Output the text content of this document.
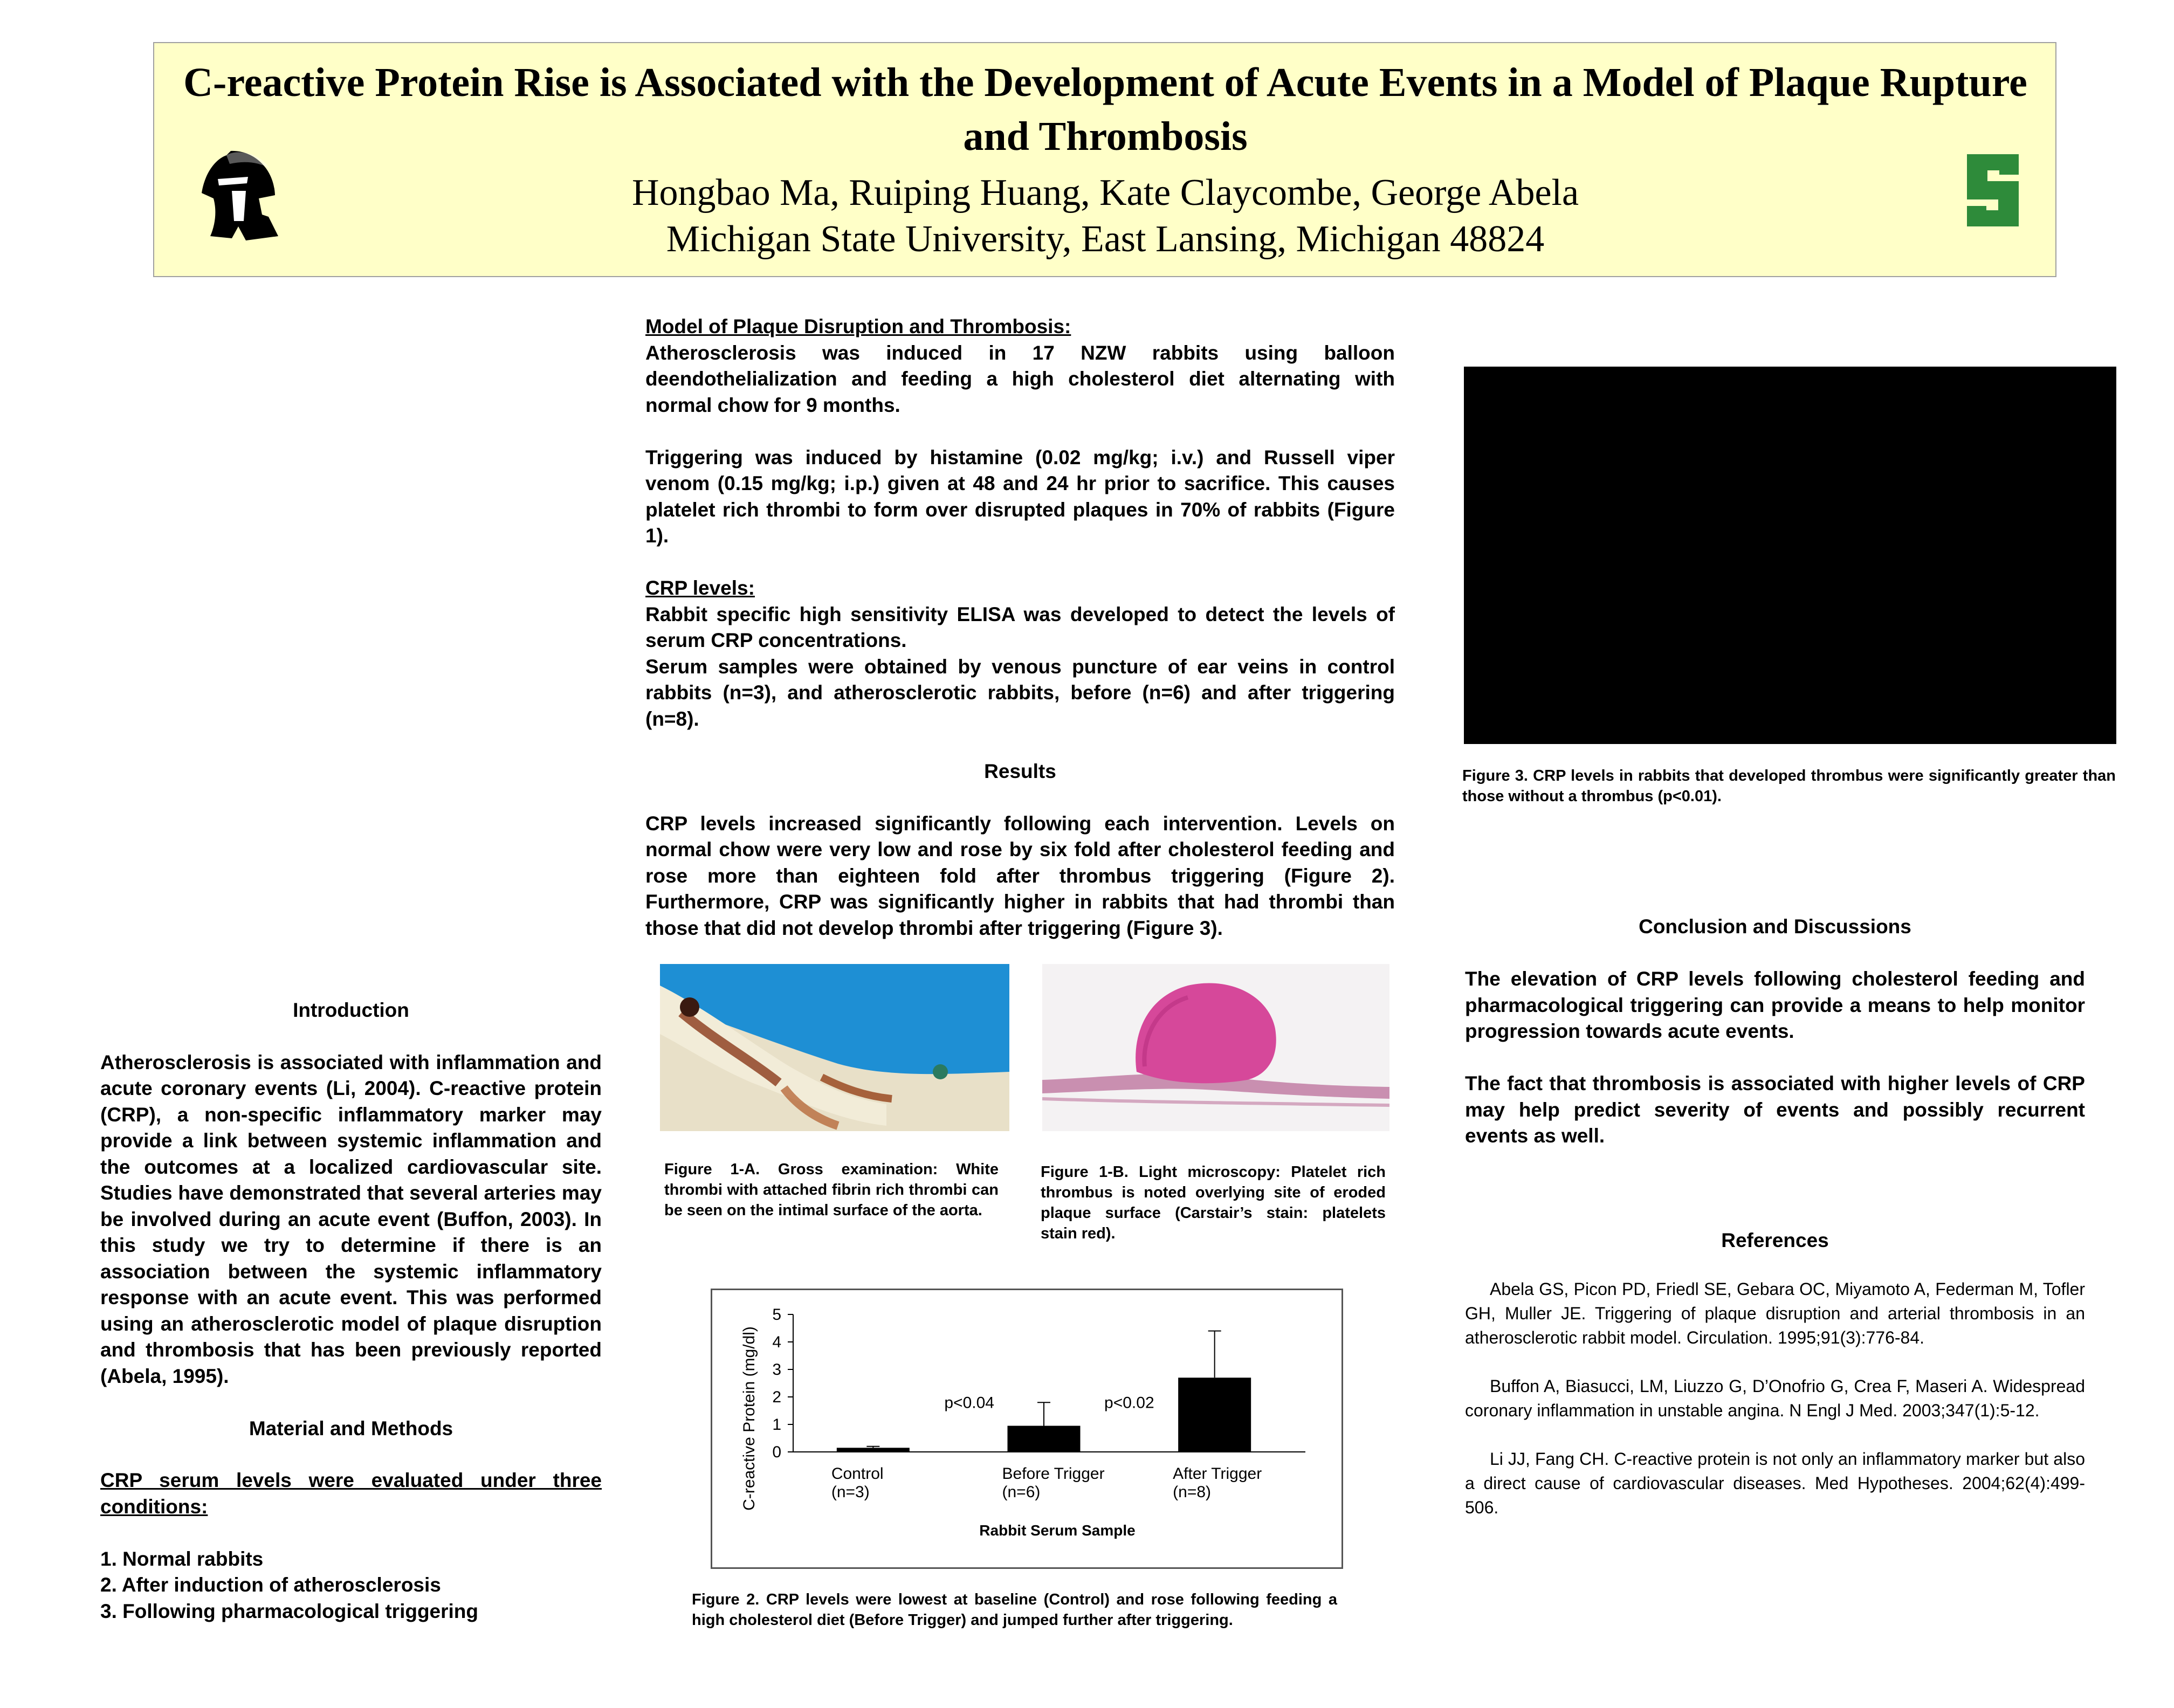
C-reactive Protein Rise is Associated with the Development of Acute Events in a Model of Plaque Rupture and Thrombosis
Hongbao Ma, Ruiping Huang, Kate Claycombe, George Abela
Michigan State University, East Lansing, Michigan 48824
Introduction

Atherosclerosis is associated with inflammation and acute coronary events (Li, 2004). C-reactive protein (CRP), a non-specific inflammatory marker may provide a link between systemic inflammation and the outcomes at a localized cardiovascular site. Studies have demonstrated that several arteries may be involved during an acute event (Buffon, 2003). In this study we try to determine if there is an association between the systemic inflammatory response with an acute event. This was performed using an atherosclerotic model of plaque disruption and thrombosis that has been previously reported (Abela, 1995).

Material and Methods

CRP serum levels were evaluated under three conditions:

1. Normal rabbits

2. After induction of atherosclerosis

3. Following pharmacological triggering

Model of Plaque Disruption and Thrombosis:

Atherosclerosis was induced in 17 NZW rabbits using balloon deendothelialization and feeding a high cholesterol diet alternating with normal chow for 9 months.

Triggering was induced by histamine (0.02 mg/kg; i.v.) and Russell viper venom (0.15 mg/kg; i.p.) given at 48 and 24 hr prior to sacrifice. This causes platelet rich thrombi to form over disrupted plaques in 70% of rabbits (Figure 1).

CRP levels:

Rabbit specific high sensitivity ELISA was developed to detect the levels of serum CRP concentrations.

Serum samples were obtained by venous puncture of ear veins in control rabbits (n=3), and atherosclerotic rabbits, before (n=6) and after triggering (n=8).

Results

CRP levels increased significantly following each intervention. Levels on normal chow were very low and rose by six fold after cholesterol feeding and rose more than eighteen fold after thrombus triggering (Figure 2). Furthermore, CRP was significantly higher in rabbits that had thrombi than those that did not develop thrombi after triggering (Figure 3).

Figure 1-A. Gross examination: White thrombi with attached fibrin rich thrombi can be seen on the intimal surface of the aorta.
Figure 1-B. Light microscopy: Platelet rich thrombus is noted overlying site of eroded plaque surface (Carstair’s stain: platelets stain red).
C-reactive Protein (mg/dl) 0
1
2
3
4
5
Control
(n=3)
Before Trigger
(n=6)
After Trigger
(n=8)
p<0.04	p<0.02
Rabbit Serum Sample
Figure 2. CRP levels were lowest at baseline (Control) and rose following feeding a high cholesterol diet (Before Trigger) and jumped further after triggering.
Figure 3. CRP levels in rabbits that developed thrombus were significantly greater than those without a thrombus (p<0.01).
Conclusion and Discussions

The elevation of CRP levels following cholesterol feeding and pharmacological triggering can provide a means to help monitor progression towards acute events.

The fact that thrombosis is associated with higher levels of CRP may help predict severity of events and possibly recurrent events as well.

References

Abela GS, Picon PD, Friedl SE, Gebara OC, Miyamoto A, Federman M, Tofler GH, Muller JE. Triggering of plaque disruption and arterial thrombosis in an atherosclerotic rabbit model. Circulation. 1995;91(3):776-84.

Buffon A, Biasucci, LM, Liuzzo G, D’Onofrio G, Crea F, Maseri A. Widespread coronary inflammation in unstable angina. N Engl J Med. 2003;347(1):5-12.

Li JJ, Fang CH. C-reactive protein is not only an inflammatory marker but also a direct cause of cardiovascular diseases. Med Hypotheses. 2004;62(4):499-506.
